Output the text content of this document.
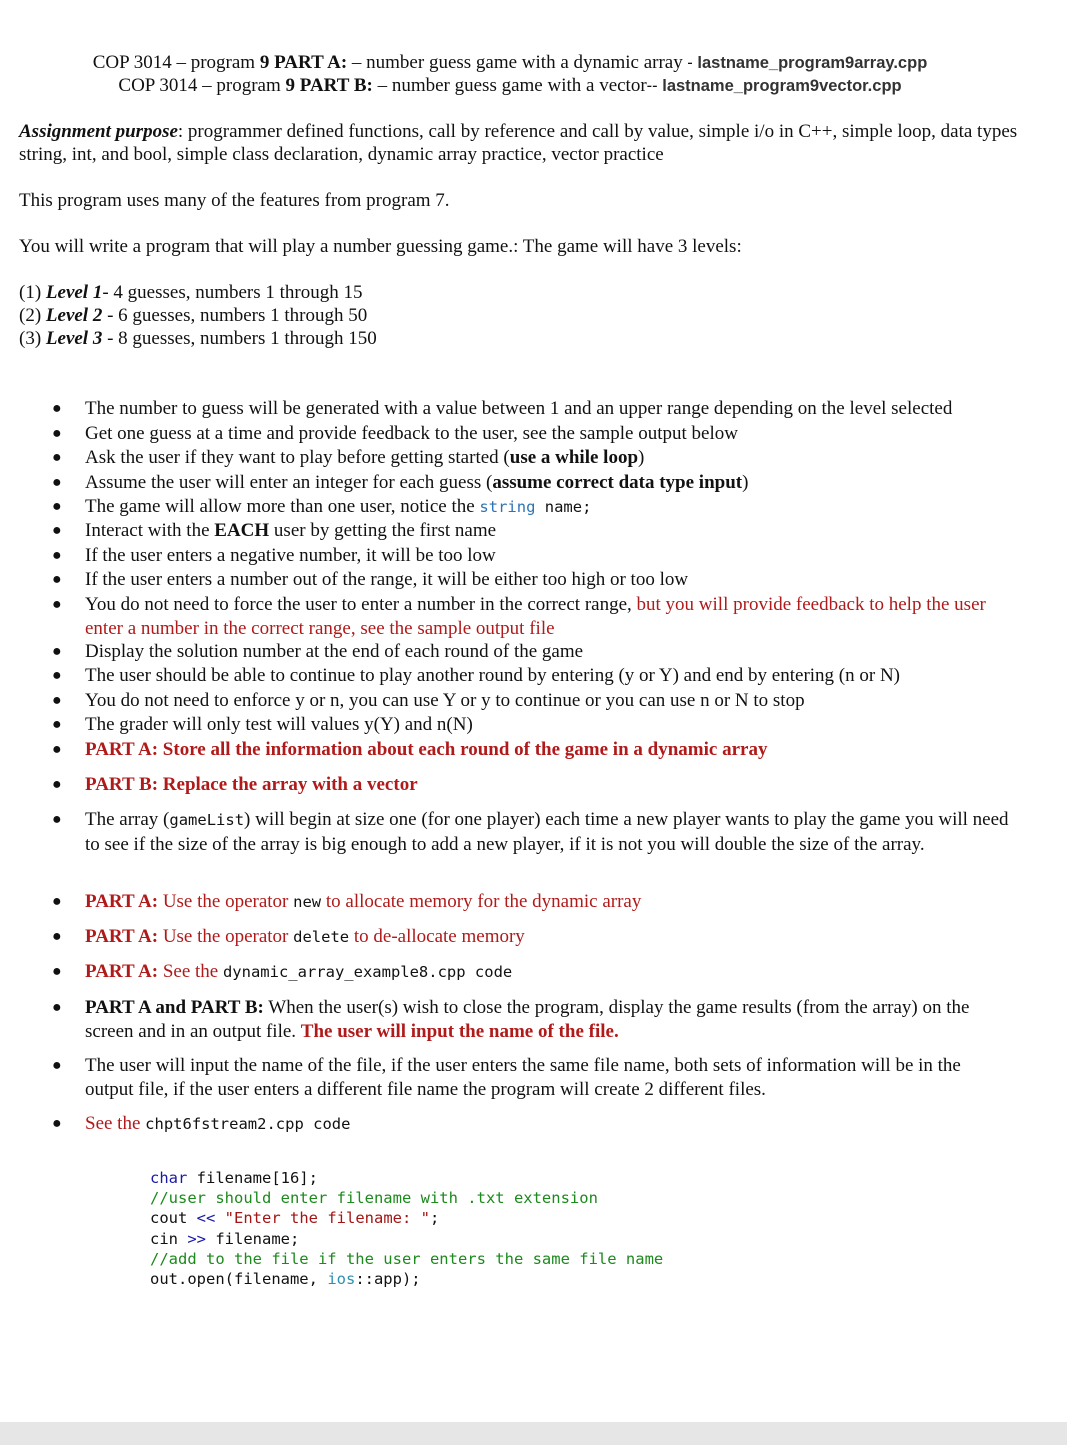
COP 3014 – program 9 PART A: – number guess game with a dynamic array - lastname_program9array.cpp
COP 3014 – program 9 PART B: – number guess game with a vector-- lastname_program9vector.cpp
Assignment purpose: programmer defined functions, call by reference and call by value, simple i/o in C++, simple loop, data types string, int, and bool, simple class declaration, dynamic array practice, vector practice
This program uses many of the features from program 7.
You will write a program that will play a number guessing game.: The game will have 3 levels:
(1) Level 1- 4 guesses, numbers 1 through 15
(2) Level 2 - 6 guesses, numbers 1 through 50
(3) Level 3 - 8 guesses, numbers 1 through 150
● The number to guess will be generated with a value between 1 and an upper range depending on the level selected
● Get one guess at a time and provide feedback to the user, see the sample output below
● Ask the user if they want to play before getting started (use a while loop)
● Assume the user will enter an integer for each guess (assume correct data type input)
● The game will allow more than one user, notice the string name;
● Interact with the EACH user by getting the first name
● If the user enters a negative number, it will be too low
● If the user enters a number out of the range, it will be either too high or too low
● You do not need to force the user to enter a number in the correct range, but you will provide feedback to help the user enter a number in the correct range, see the sample output file
● Display the solution number at the end of each round of the game
● The user should be able to continue to play another round by entering (y or Y) and end by entering (n or N)
● You do not need to enforce y or n, you can use Y or y to continue or you can use n or N to stop
● The grader will only test will values y(Y) and n(N)
● PART A: Store all the information about each round of the game in a dynamic array
● PART B: Replace the array with a vector
● The array (gameList) will begin at size one (for one player) each time a new player wants to play the game you will need to see if the size of the array is big enough to add a new player, if it is not you will double the size of the array.
● PART A: Use the operator new to allocate memory for the dynamic array
● PART A: Use the operator delete to de-allocate memory
● PART A: See the dynamic_array_example8.cpp code
● PART A and PART B: When the user(s) wish to close the program, display the game results (from the array) on the screen and in an output file. The user will input the name of the file.
● The user will input the name of the file, if the user enters the same file name, both sets of information will be in the output file, if the user enters a different file name the program will create 2 different files.
● See the chpt6fstream2.cpp code
char filename[16];
//user should enter filename with .txt extension
cout << "Enter the filename: ";
cin >> filename;
//add to the file if the user enters the same file name
out.open(filename, ios::app);
